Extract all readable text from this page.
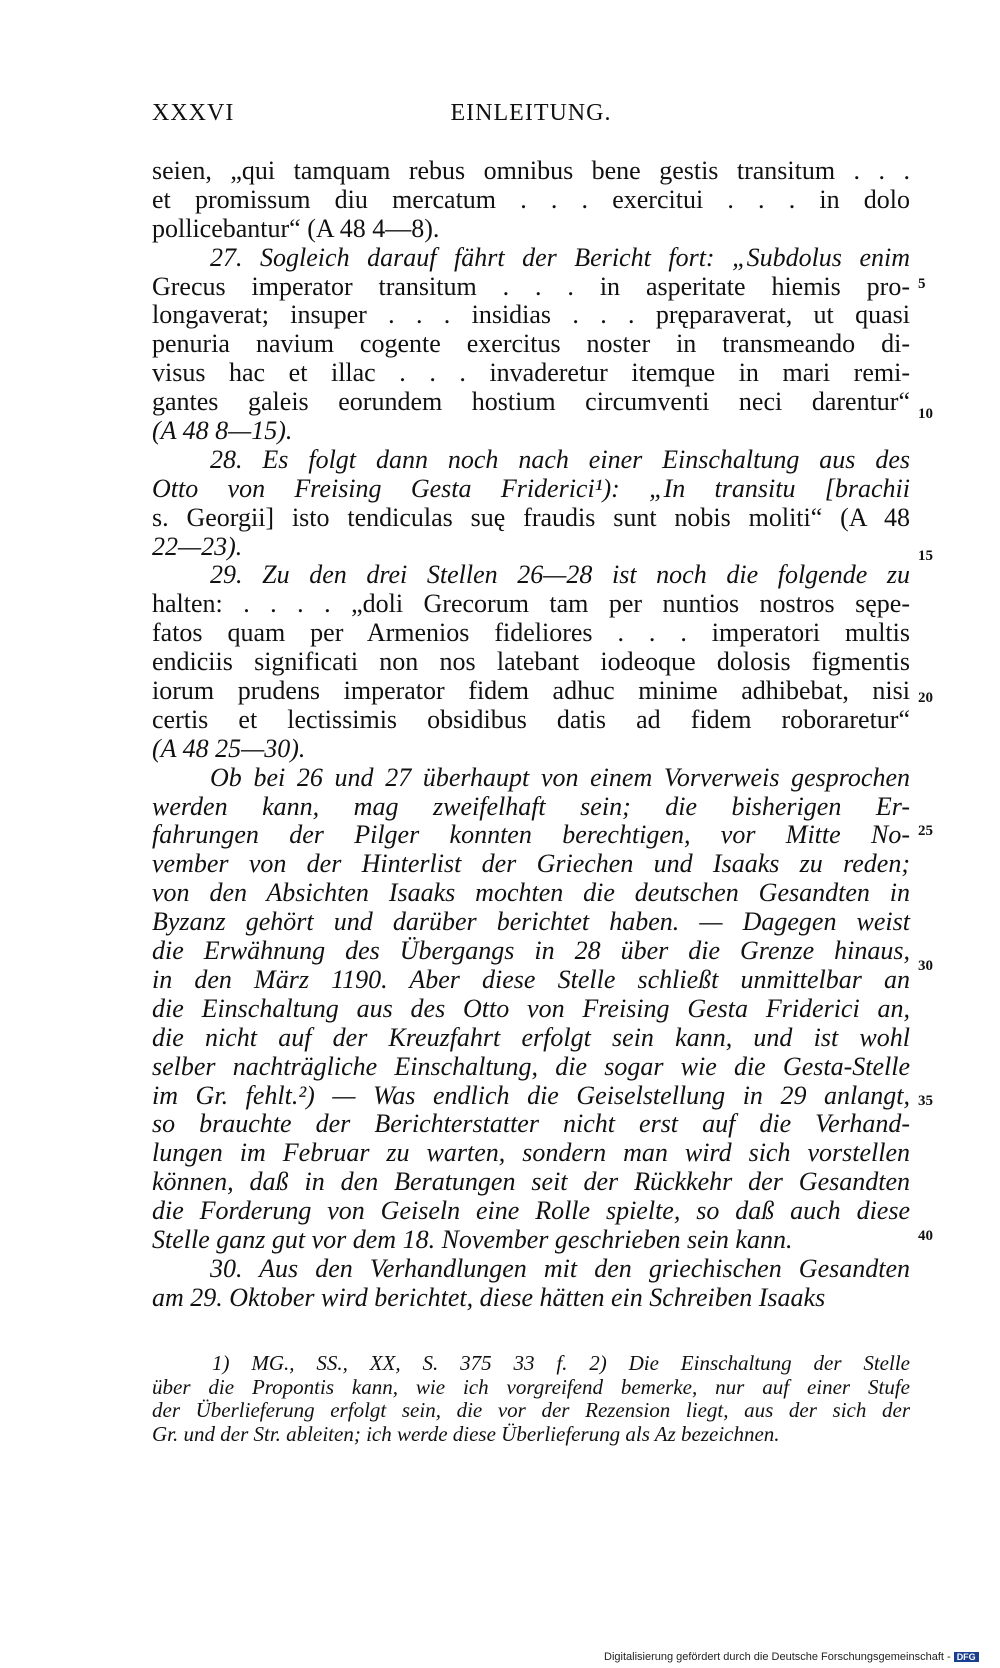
XXXVI	EINLEITUNG.
seien, „qui tamquam rebus omnibus bene gestis transitum . . .
et promissum diu mercatum . . . exercitui . . . in dolo
pollicebantur“ (A 48 4—8).
27. Sogleich darauf fährt der Bericht fort: „Subdolus enim
Grecus imperator transitum . . . in asperitate hiemis pro-
longaverat; insuper . . . insidias . . . pręparaverat, ut quasi
penuria navium cogente exercitus noster in transmeando di-
visus hac et illac . . . invaderetur itemque in mari remi-
gantes galeis eorundem hostium circumventi neci darentur“
(A 48 8—15).
28. Es folgt dann noch nach einer Einschaltung aus des
Otto von Freising Gesta Friderici¹): „In transitu [brachii
s. Georgii] isto tendiculas suę fraudis sunt nobis moliti“ (A 48
22—23).
29. Zu den drei Stellen 26—28 ist noch die folgende zu
halten: . . . . „doli Grecorum tam per nuntios nostros sępe-
fatos quam per Armenios fideliores . . . imperatori multis
endiciis significati non nos latebant iodeoque dolosis figmentis
iorum prudens imperator fidem adhuc minime adhibebat, nisi
certis et lectissimis obsidibus datis ad fidem roboraretur“
(A 48 25—30).
Ob bei 26 und 27 überhaupt von einem Vorverweis gesprochen
werden kann, mag zweifelhaft sein; die bisherigen Er-
fahrungen der Pilger konnten berechtigen, vor Mitte No-
vember von der Hinterlist der Griechen und Isaaks zu reden;
von den Absichten Isaaks mochten die deutschen Gesandten in
Byzanz gehört und darüber berichtet haben. — Dagegen weist
die Erwähnung des Übergangs in 28 über die Grenze hinaus,
in den März 1190. Aber diese Stelle schließt unmittelbar an
die Einschaltung aus des Otto von Freising Gesta Friderici an,
die nicht auf der Kreuzfahrt erfolgt sein kann, und ist wohl
selber nachträgliche Einschaltung, die sogar wie die Gesta-Stelle
im Gr. fehlt.²) — Was endlich die Geiselstellung in 29 anlangt,
so brauchte der Berichterstatter nicht erst auf die Verhand-
lungen im Februar zu warten, sondern man wird sich vorstellen
können, daß in den Beratungen seit der Rückkehr der Gesandten
die Forderung von Geiseln eine Rolle spielte, so daß auch diese
Stelle ganz gut vor dem 18. November geschrieben sein kann.
30. Aus den Verhandlungen mit den griechischen Gesandten
am 29. Oktober wird berichtet, diese hätten ein Schreiben Isaaks
5
10
15
20
25
30
35
40
1) MG., SS., XX, S. 375 33 f. 2) Die Einschaltung der Stelle
über die Propontis kann, wie ich vorgreifend bemerke, nur auf einer Stufe
der Überlieferung erfolgt sein, die vor der Rezension liegt, aus der sich der
Gr. und der Str. ableiten; ich werde diese Überlieferung als Az bezeichnen.
Digitalisierung gefördert durch die Deutsche Forschungsgemeinschaft - DFG
